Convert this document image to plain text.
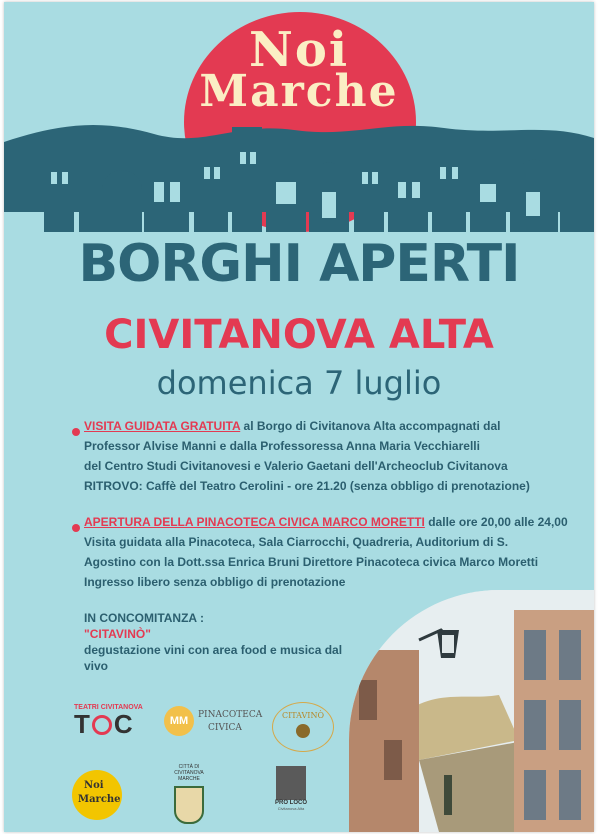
Noi
Marche
BORGHI APERTI
CIVITANOVA ALTA
domenica 7 luglio
VISITA GUIDATA GRATUITA al Borgo di Civitanova Alta accompagnati dal
Professor Alvise Manni e dalla Professoressa Anna Maria Vecchiarelli
del Centro Studi Civitanovesi e Valerio Gaetani dell'Archeoclub Civitanova
RITROVO: Caffè del Teatro Cerolini - ore 21.20 (senza obbligo di prenotazione)
APERTURA DELLA PINACOTECA CIVICA MARCO MORETTI dalle ore 20,00 alle 24,00
Visita guidata alla Pinacoteca, Sala Ciarrocchi, Quadreria, Auditorium di S.
Agostino con la Dott.ssa Enrica Bruni Direttore Pinacoteca civica Marco Moretti
Ingresso libero senza obbligo di prenotazione
IN CONCOMITANZA :
"CITAVINÒ"
degustazione vini con area food e musica dal vivo
TEATRI CIVITANOVA
T C	MM	PINACOTECA
CIVICA
CITAVINÒ
Noi
Marche
CITTÀ DI
CIVITANOVA MARCHE
PRO LOCO
Civitanova Alta
